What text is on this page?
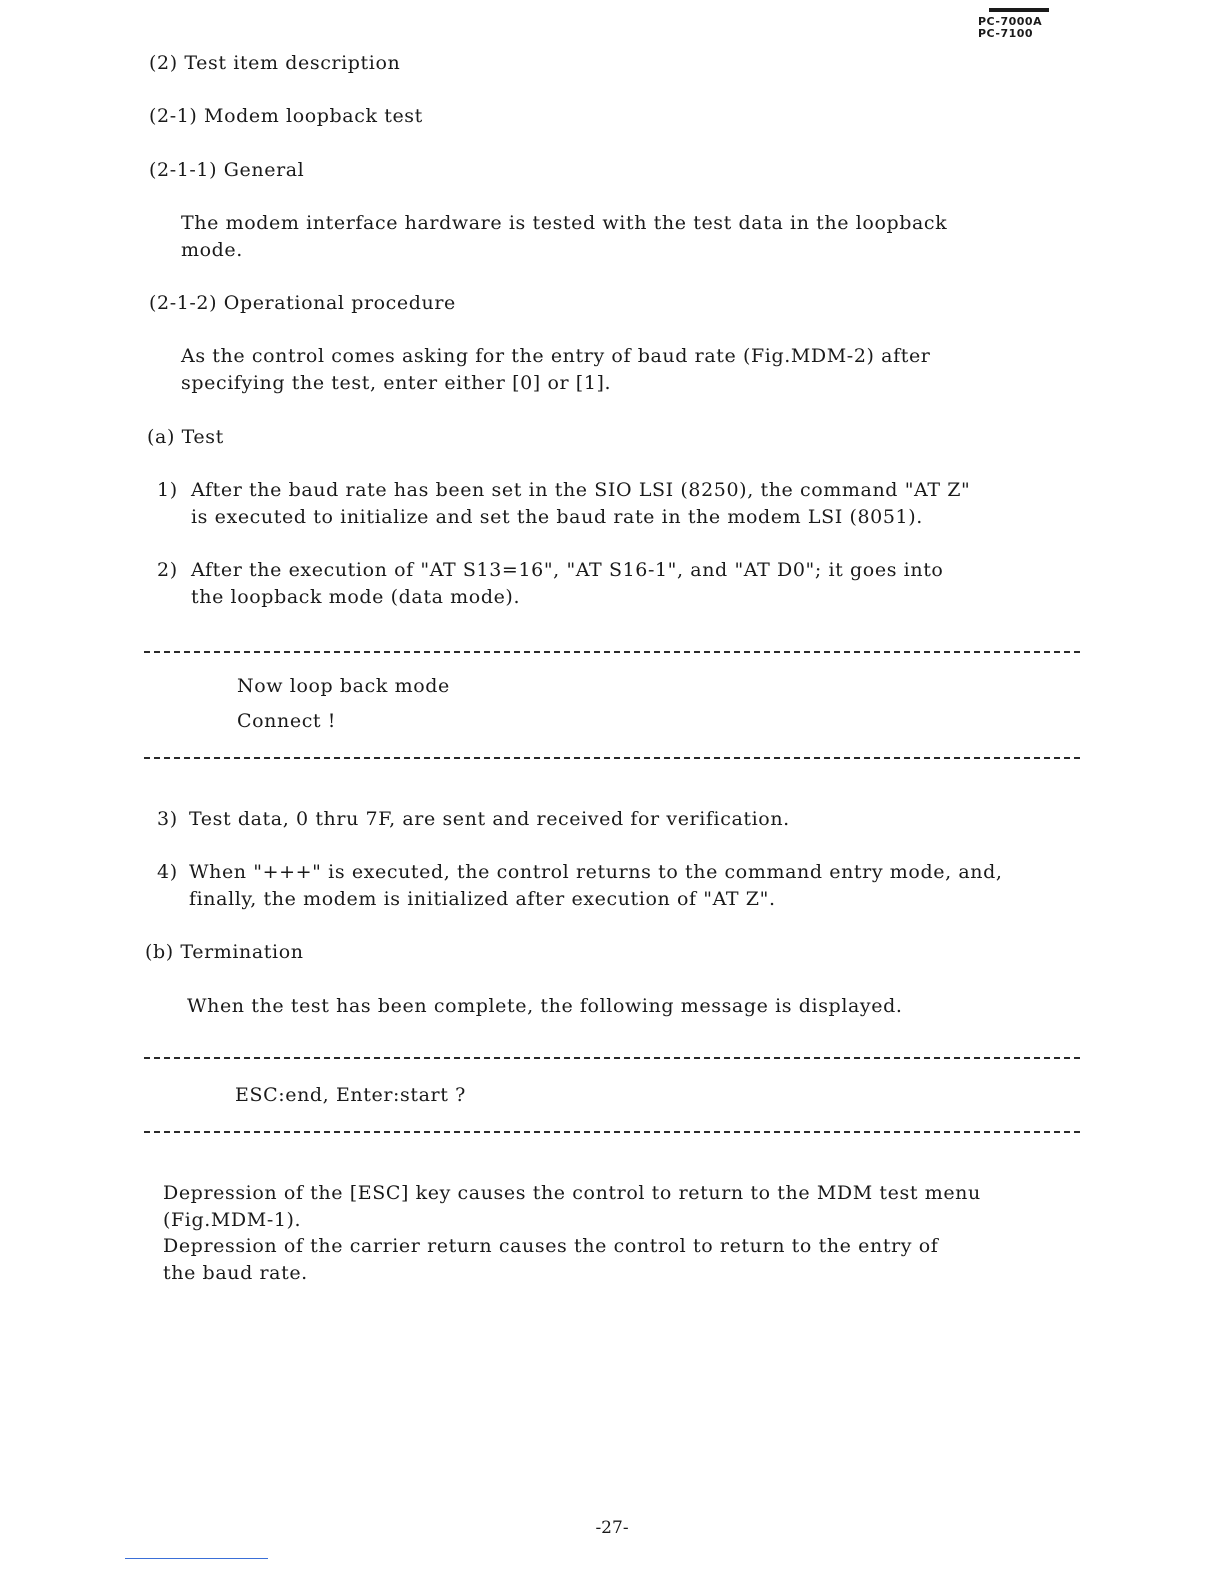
PC-7000A
PC-7100
(2) Test item description
(2-1) Modem loopback test
(2-1-1) General
The modem interface hardware is tested with the test data in the loopback
mode.
(2-1-2) Operational procedure
As the control comes asking for the entry of baud rate (Fig.MDM-2) after
specifying the test, enter either [0] or [1].
(a) Test
1) After the baud rate has been set in the SIO LSI (8250), the command "AT Z"
is executed to initialize and set the baud rate in the modem LSI (8051).
2) After the execution of "AT S13=16", "AT S16-1", and "AT D0"; it goes into
the loopback mode (data mode).
Now loop back mode
Connect !
3) Test data, 0 thru 7F, are sent and received for verification.
4) When "+++" is executed, the control returns to the command entry mode, and,
finally, the modem is initialized after execution of "AT Z".
(b) Termination
When the test has been complete, the following message is displayed.
ESC:end, Enter:start ?
Depression of the [ESC] key causes the control to return to the MDM test menu
(Fig.MDM-1).
Depression of the carrier return causes the control to return to the entry of
the baud rate.
-27-
